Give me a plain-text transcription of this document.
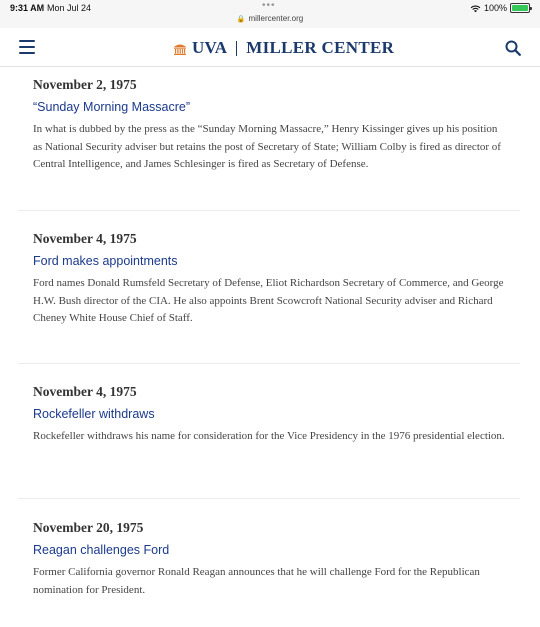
9:31 AM Mon Jul 24	•••
🔒 millercenter.org
100%
UVA MILLER CENTER
November 2, 1975
“Sunday Morning Massacre”
In what is dubbed by the press as the “Sunday Morning Massacre,” Henry Kissinger gives up his position as National Security adviser but retains the post of Secretary of State; William Colby is fired as director of Central Intelligence, and James Schlesinger is fired as Secretary of Defense.
November 4, 1975
Ford makes appointments
Ford names Donald Rumsfeld Secretary of Defense, Eliot Richardson Secretary of Commerce, and George H.W. Bush director of the CIA. He also appoints Brent Scowcroft National Security adviser and Richard Cheney White House Chief of Staff.
November 4, 1975
Rockefeller withdraws
Rockefeller withdraws his name for consideration for the Vice Presidency in the 1976 presidential election.
November 20, 1975
Reagan challenges Ford
Former California governor Ronald Reagan announces that he will challenge Ford for the Republican nomination for President.
